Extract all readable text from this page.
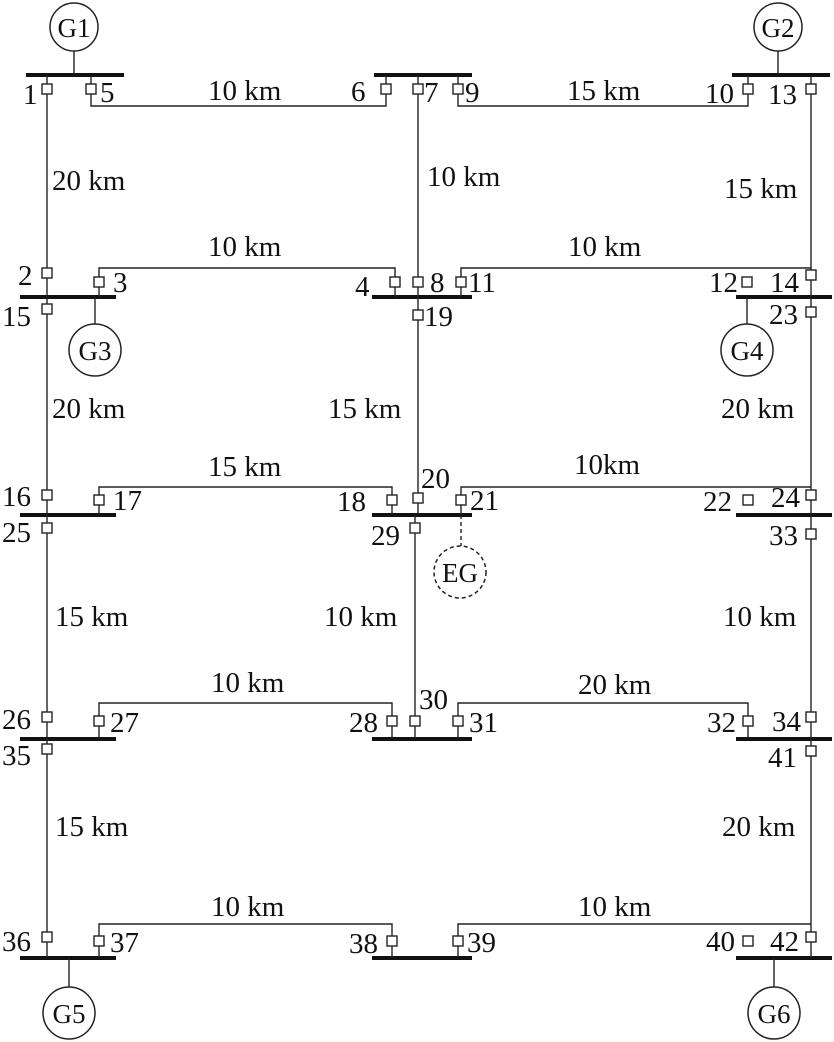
G1	G2
G3	G4
EG
G5	G6
1 5	6 7 9	10 13
2	3	4 8 11	12 14
15	19	23
16	17	18
20
21	22 24
25	29	33
26	27	28
30
31	32 34
35	41
36	37	38	39	40 42
10 km	15 km
20 km	10 km	15 km
10 km	10 km
20 km	15 km	20 km
15 km	10km
15 km	10 km	10 km
10 km	20 km
15 km	20 km
10 km	10 km
